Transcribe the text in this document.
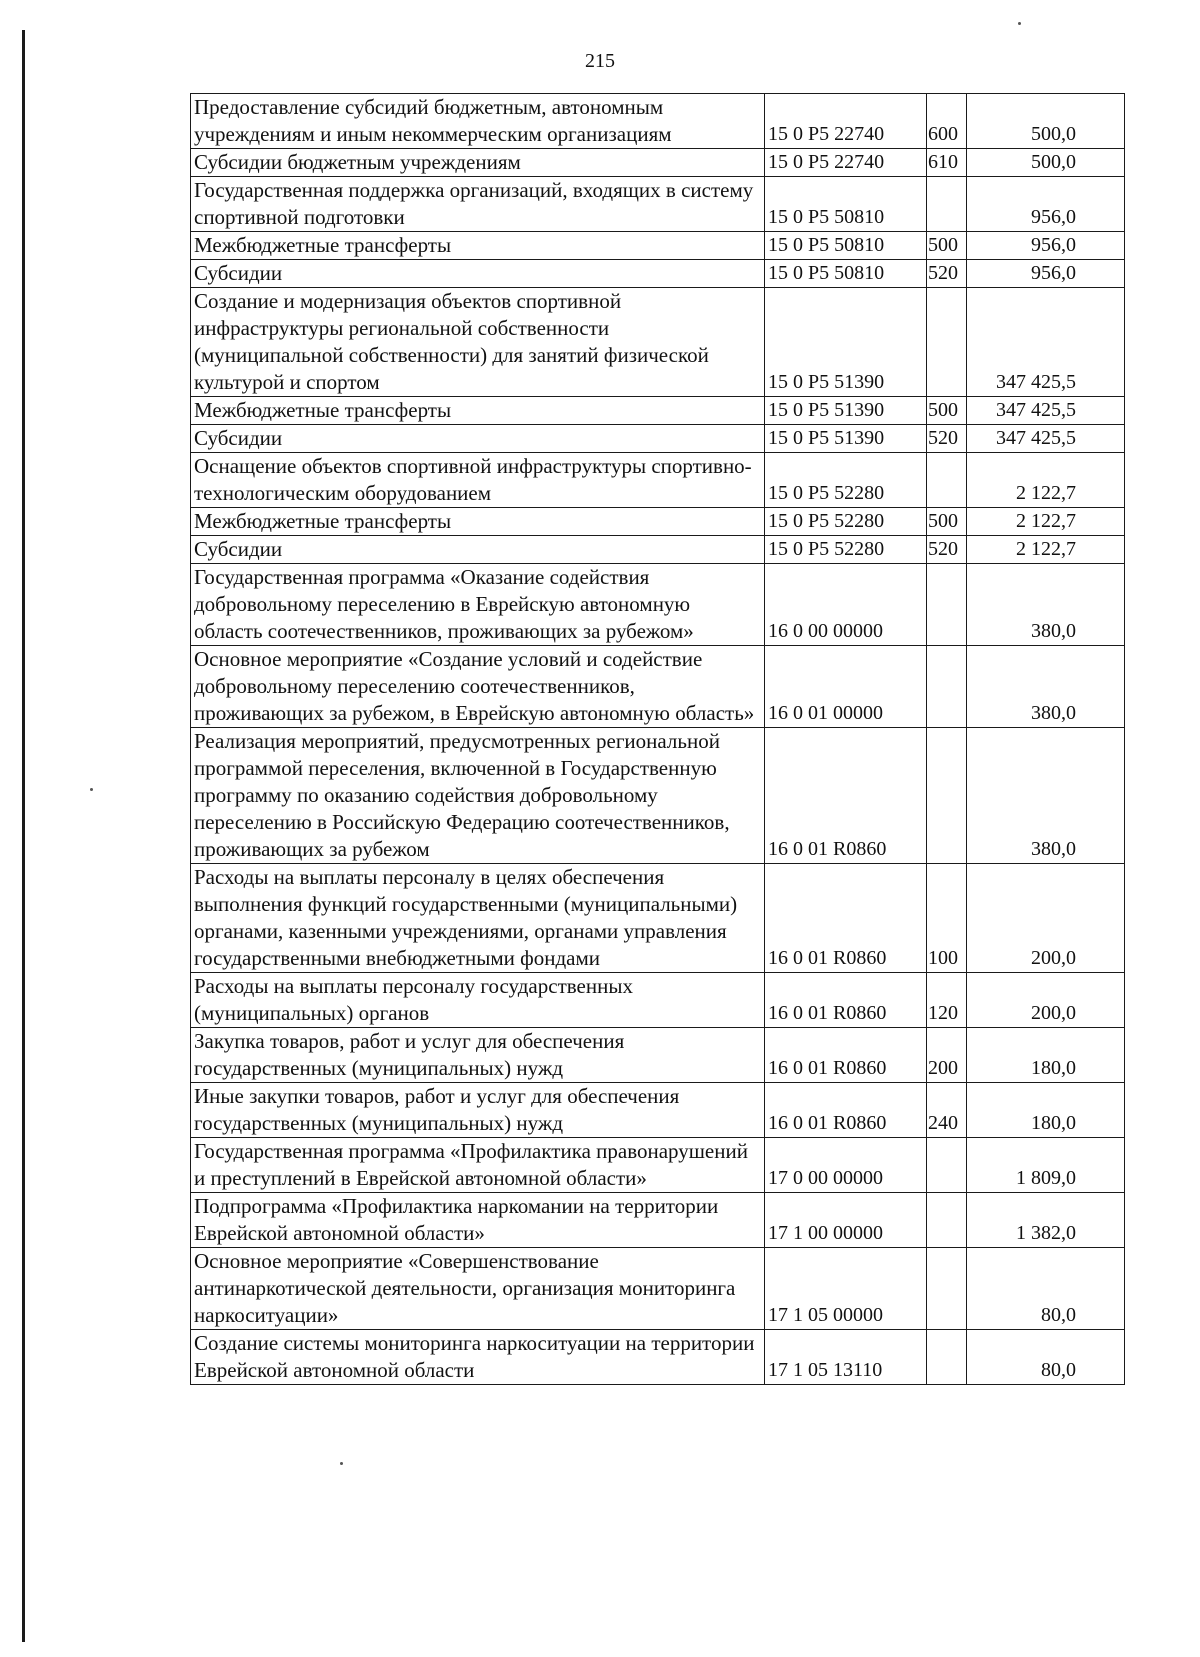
215
Предоставление субсидий бюджетным, автономным учреждениям и иным некоммерческим организациям	15 0 P5 22740	600	500,0
Субсидии бюджетным учреждениям	15 0 P5 22740	610	500,0
Государственная поддержка организаций, входящих в систему спортивной подготовки	15 0 P5 50810		956,0
Межбюджетные трансферты	15 0 P5 50810	500	956,0
Субсидии	15 0 P5 50810	520	956,0
Создание и модернизация объектов спортивной инфраструктуры региональной собственности (муниципальной собственности) для занятий физической культурой и спортом	15 0 P5 51390		347 425,5
Межбюджетные трансферты	15 0 P5 51390	500	347 425,5
Субсидии	15 0 P5 51390	520	347 425,5
Оснащение объектов спортивной инфраструктуры спортивно-технологическим оборудованием	15 0 P5 52280		2 122,7
Межбюджетные трансферты	15 0 P5 52280	500	2 122,7
Субсидии	15 0 P5 52280	520	2 122,7
Государственная программа «Оказание содействия добровольному переселению в Еврейскую автономную область соотечественников, проживающих за рубежом»	16 0 00 00000		380,0
Основное мероприятие «Создание условий и содействие добровольному переселению соотечественников, проживающих за рубежом, в Еврейскую автономную область»	16 0 01 00000		380,0
Реализация мероприятий, предусмотренных региональной программой переселения, включенной в Государственную программу по оказанию содействия добровольному переселению в Российскую Федерацию соотечественников, проживающих за рубежом	16 0 01 R0860		380,0
Расходы на выплаты персоналу в целях обеспечения выполнения функций государственными (муниципальными) органами, казенными учреждениями, органами управления государственными внебюджетными фондами	16 0 01 R0860	100	200,0
Расходы на выплаты персоналу государственных (муниципальных) органов	16 0 01 R0860	120	200,0
Закупка товаров, работ и услуг для обеспечения государственных (муниципальных) нужд	16 0 01 R0860	200	180,0
Иные закупки товаров, работ и услуг для обеспечения государственных (муниципальных) нужд	16 0 01 R0860	240	180,0
Государственная программа «Профилактика правонарушений и преступлений в Еврейской автономной области»	17 0 00 00000		1 809,0
Подпрограмма «Профилактика наркомании на территории Еврейской автономной области»	17 1 00 00000		1 382,0
Основное мероприятие «Совершенствование антинаркотической деятельности, организация мониторинга наркоситуации»	17 1 05 00000		80,0
Создание системы мониторинга наркоситуации на территории Еврейской автономной области	17 1 05 13110		80,0
